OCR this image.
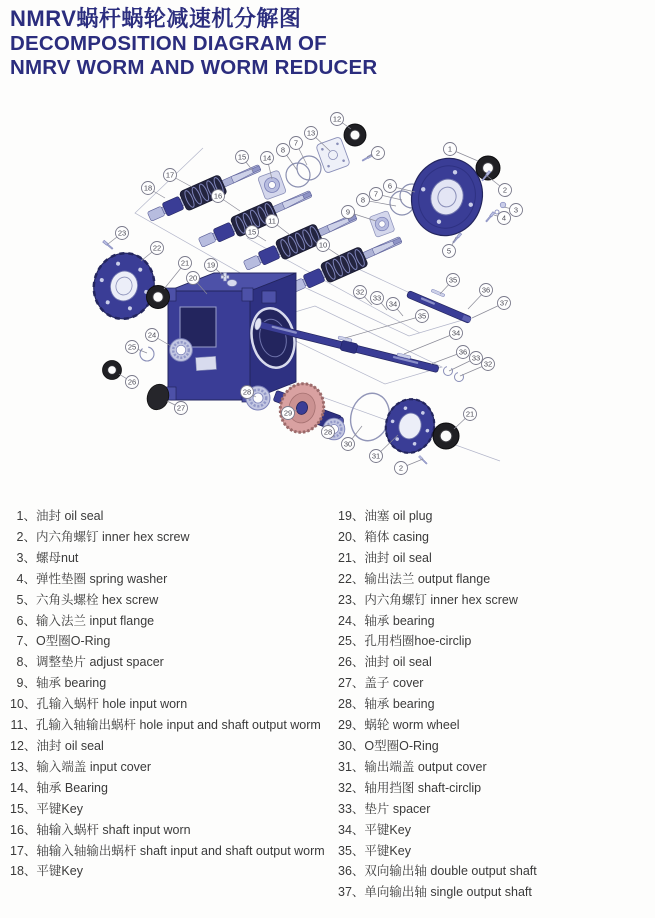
NMRV蜗杆蜗轮减速机分解图
DECOMPOSITION DIAGRAM OF
NMRV WORM AND WORM REDUCER
18
17
15 14
8
7
13
12
2
16
11
15
10
9
8
7
6
1
2
3
4
5
23
22
21
20
19
24
25
26
27
28
29
28
30
31
2
21
32
33
34
35
36
37
35
34
36
33
32
1、油封 oil seal
2、内六角螺钉 inner hex screw
3、螺母nut
4、弹性垫圈 spring washer
5、六角头螺栓 hex screw
6、输入法兰 input flange
7、O型圈O-Ring
8、调整垫片 adjust spacer
9、轴承 bearing
10、孔输入蜗杆 hole input worn
11、孔输入轴输出蜗杆 hole input and shaft output worm
12、油封 oil seal
13、输入端盖 input cover
14、轴承 Bearing
15、平键Key
16、轴输入蜗杆 shaft input worn
17、轴输入轴输出蜗杆 shaft input and shaft output worm
18、平键Key
19、油塞 oil plug
20、箱体 casing
21、油封 oil seal
22、输出法兰 output flange
23、内六角螺钉 inner hex screw
24、轴承 bearing
25、孔用档圈hoe-circlip
26、油封 oil seal
27、盖子 cover
28、轴承 bearing
29、蜗轮 worm wheel
30、O型圈O-Ring
31、输出端盖 output cover
32、轴用挡图 shaft-circlip
33、垫片 spacer
34、平键Key
35、平键Key
36、双向输出轴 double output shaft
37、单向输出轴 single output shaft
